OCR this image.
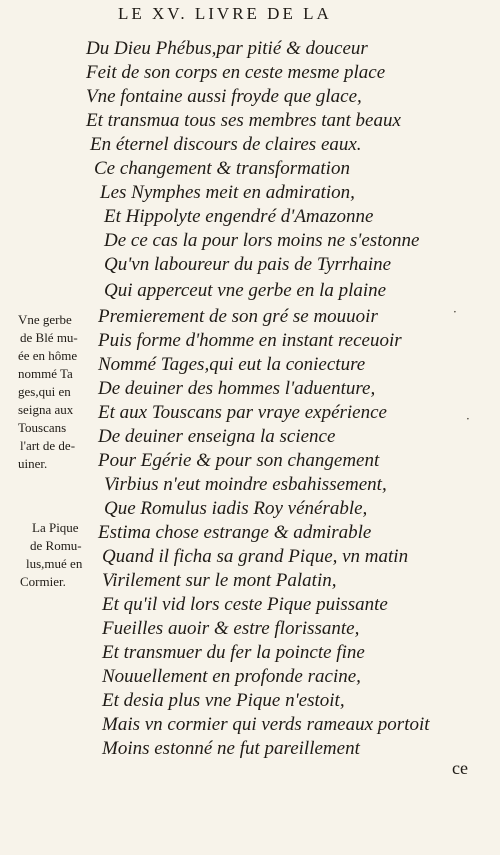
LE XV. LIVRE DE LA
Du Dieu Phébus,par pitié & douceur
Feit de son corps en ceste mesme place
Vne fontaine aussi froyde que glace,
Et transmua tous ses membres tant beaux
En éternel discours de claires eaux.
Ce changement & transformation
Les Nymphes meit en admiration,
Et Hippolyte engendré d'Amazonne
De ce cas la pour lors moins ne s'estonne
Qu'vn laboureur du pais de Tyrrhaine
Qui apperceut vne gerbe en la plaine
Premierement de son gré se mouuoir
Puis forme d'homme en instant receuoir
Nommé Tages,qui eut la coniecture
De deuiner des hommes l'aduenture,
Et aux Touscans par vraye expérience
De deuiner enseigna la science
Pour Egérie & pour son changement
Virbius n'eut moindre esbahissement,
Que Romulus iadis Roy vénérable,
Estima chose estrange & admirable
Quand il ficha sa grand Pique, vn matin
Virilement sur le mont Palatin,
Et qu'il vid lors ceste Pique puissante
Fueilles auoir & estre florissante,
Et transmuer du fer la poincte fine
Nouuellement en profonde racine,
Et desia plus vne Pique n'estoit,
Mais vn cormier qui verds rameaux portoit
Moins estonné ne fut pareillement
Vne gerbe
de Blé mu-
ée en hôme
nommé Ta
ges,qui en
seigna aux
Touscans
l'art de de-
uiner.
La Pique
de Romu-
lus,mué en
Cormier.
ce
·
·
